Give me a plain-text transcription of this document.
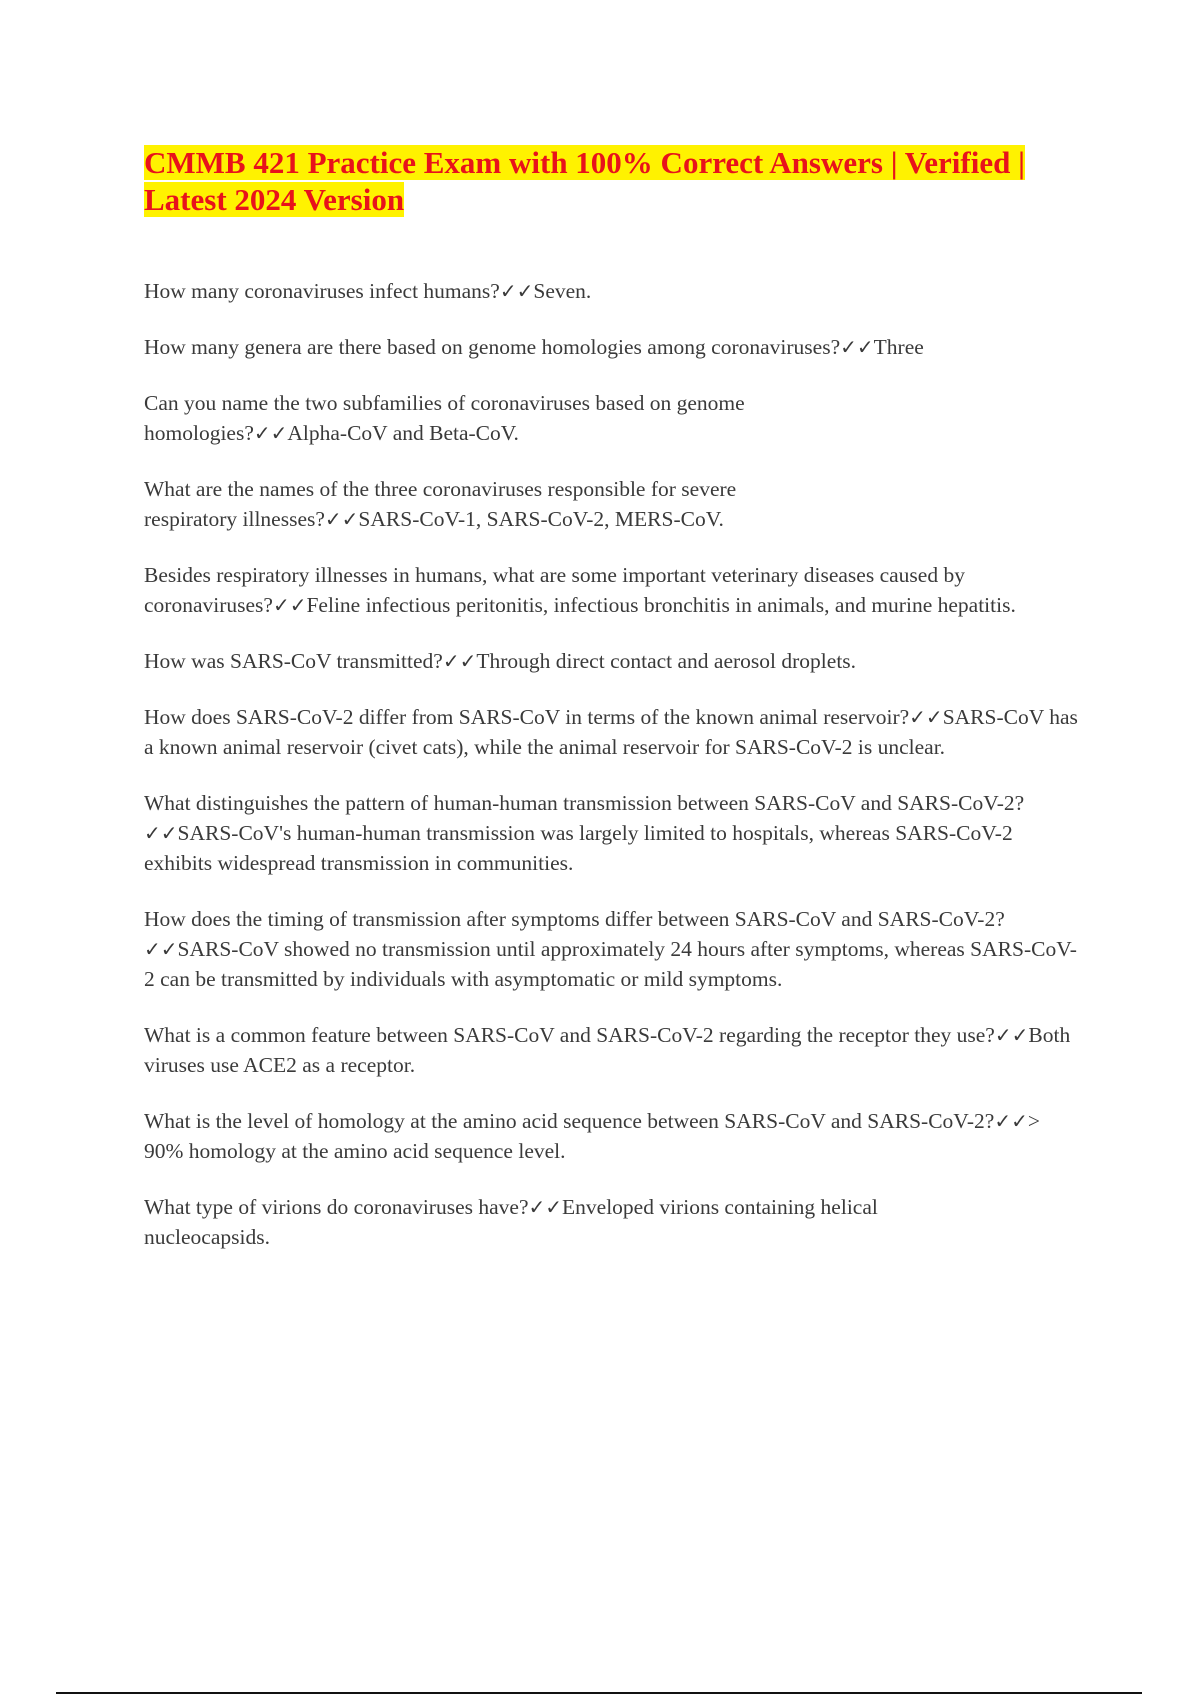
CMMB 421 Practice Exam with 100% Correct Answers | Verified | Latest 2024 Version

How many coronaviruses infect humans?✓✓Seven.

How many genera are there based on genome homologies among coronaviruses?✓✓Three

Can you name the two subfamilies of coronaviruses based on genome homologies?✓✓Alpha-CoV and Beta-CoV.

What are the names of the three coronaviruses responsible for severe respiratory illnesses?✓✓SARS-CoV-1, SARS-CoV-2, MERS-CoV.

Besides respiratory illnesses in humans, what are some important veterinary diseases caused by coronaviruses?✓✓Feline infectious peritonitis, infectious bronchitis in animals, and murine hepatitis.

How was SARS-CoV transmitted?✓✓Through direct contact and aerosol droplets.

How does SARS-CoV-2 differ from SARS-CoV in terms of the known animal reservoir?✓✓SARS-CoV has a known animal reservoir (civet cats), while the animal reservoir for SARS-CoV-2 is unclear.

What distinguishes the pattern of human-human transmission between SARS-CoV and SARS-CoV-2?✓✓SARS-CoV's human-human transmission was largely limited to hospitals, whereas SARS-CoV-2 exhibits widespread transmission in communities.

How does the timing of transmission after symptoms differ between SARS-CoV and SARS-CoV-2?✓✓SARS-CoV showed no transmission until approximately 24 hours after symptoms, whereas SARS-CoV-2 can be transmitted by individuals with asymptomatic or mild symptoms.

What is a common feature between SARS-CoV and SARS-CoV-2 regarding the receptor they use?✓✓Both viruses use ACE2 as a receptor.

What is the level of homology at the amino acid sequence between SARS-CoV and SARS-CoV-2?✓✓> 90% homology at the amino acid sequence level.

What type of virions do coronaviruses have?✓✓Enveloped virions containing helical nucleocapsids.
